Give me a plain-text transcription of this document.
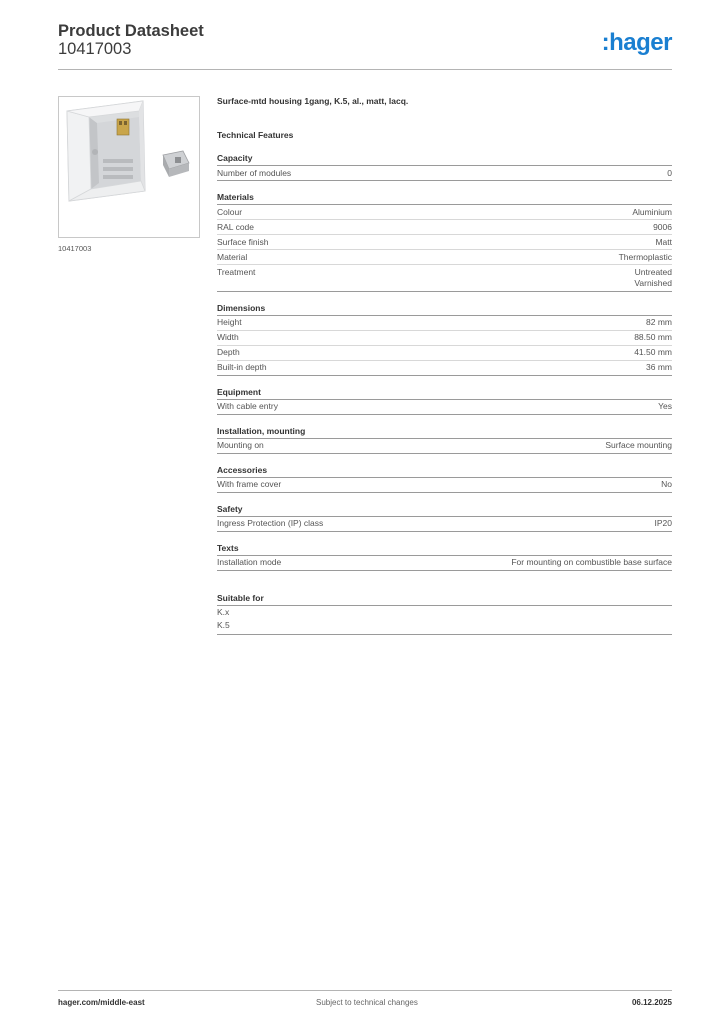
Product Datasheet
10417003	:hager
10417003
Surface-mtd housing 1gang, K.5, al., matt, lacq.
Technical Features
Capacity
Number of modules	0
Materials
Colour	Aluminium
RAL code	9006
Surface finish	Matt
Material	Thermoplastic
Treatment	Untreated
Varnished
Dimensions
Height	82 mm
Width	88.50 mm
Depth	41.50 mm
Built-in depth	36 mm
Equipment
With cable entry	Yes
Installation, mounting
Mounting on	Surface mounting
Accessories
With frame cover	No
Safety
Ingress Protection (IP) class	IP20
Texts
Installation mode	For mounting on combustible base surface
Suitable for
K.x
K.5
hager.com/middle-east	Subject to technical changes	06.12.2025
